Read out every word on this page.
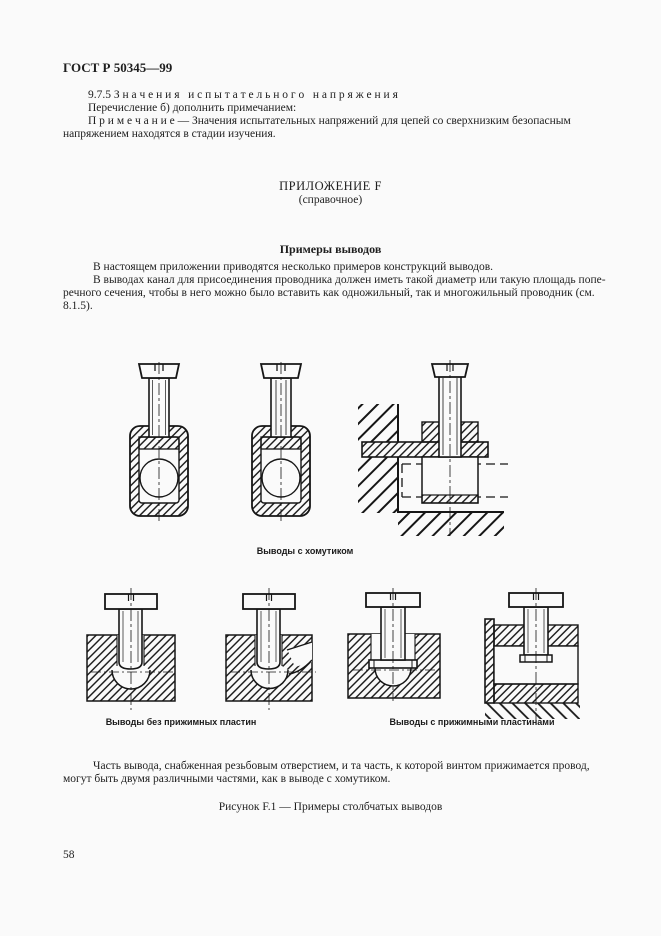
ГОСТ Р 50345—99
9.7.5 З н а ч е н и я   и с п ы т а т е л ь н о г о   н а п р я ж е н и я
Перечисление б) дополнить примечанием:
П р и м е ч а н и е — Значения испытательных напряжений для цепей со сверхнизким безопасным
напряжением находятся в стадии изучения.
ПРИЛОЖЕНИЕ F
(справочное)
Примеры выводов
В настоящем приложении приводятся несколько примеров конструкций выводов.
В выводах канал для присоединения проводника должен иметь такой диаметр или такую площадь попе-
речного сечения, чтобы в него можно было вставить как одножильный, так и многожильный проводник (см.
8.1.5).
Выводы с хомутиком
Выводы без прижимных пластин	Выводы с прижимными пластинами
Часть вывода, снабженная резьбовым отверстием, и та часть, к которой винтом прижимается провод,
могут быть двумя различными частями, как в выводе с хомутиком.
Рисунок F.1 — Примеры столбчатых выводов
58
